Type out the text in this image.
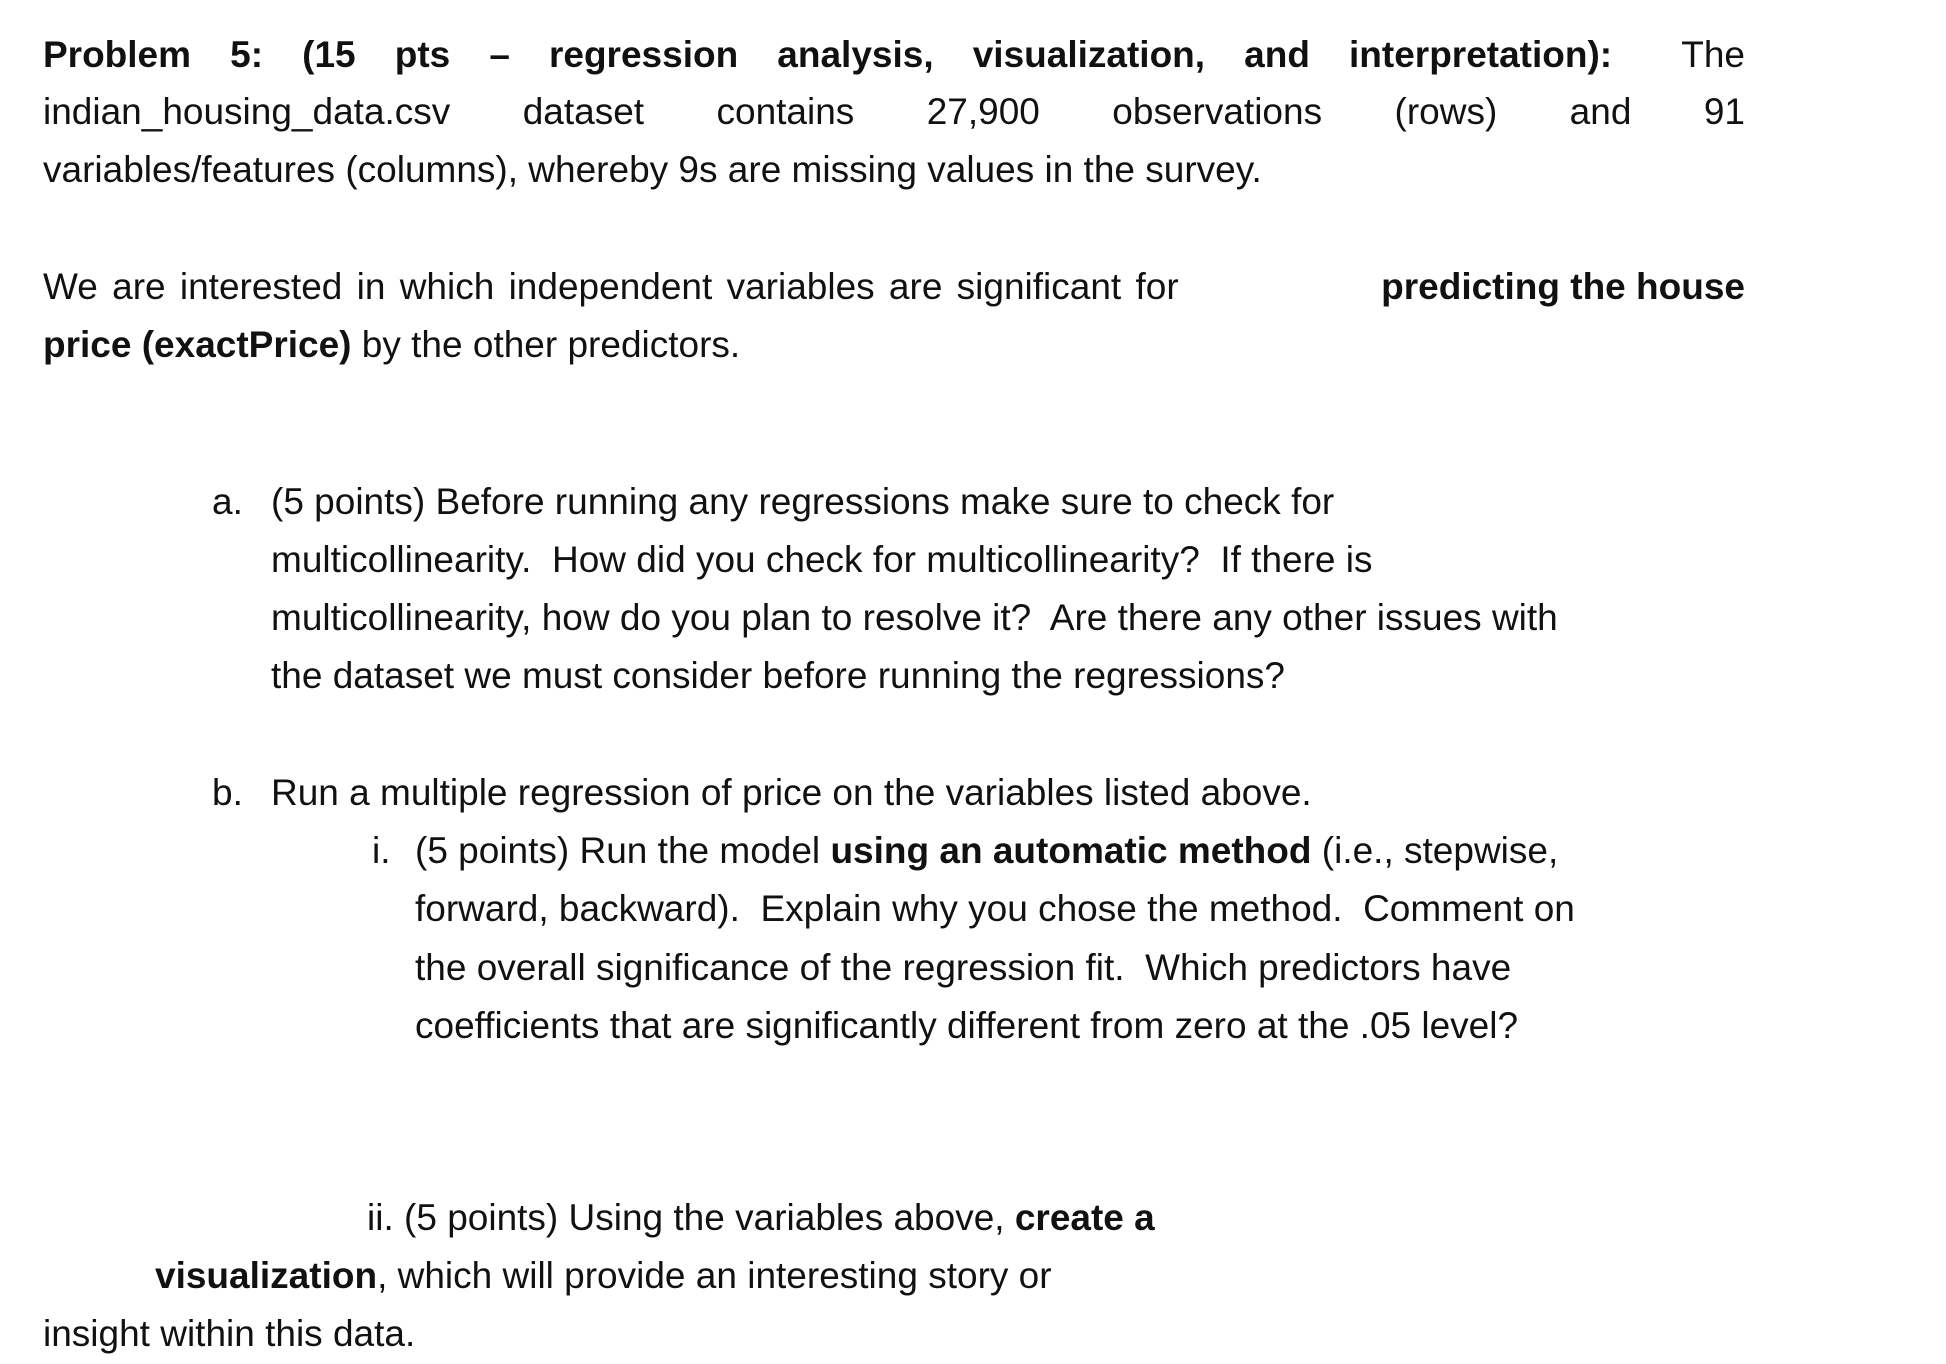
Problem 5: (15 pts – regression analysis, visualization, and interpretation): The
indian_housing_data.csv dataset contains 27,900 observations (rows) and 91
variables/features (columns), whereby 9s are missing values in the survey.
We are interested in which independent variables are significant for	predicting the house
price (exactPrice) by the other predictors.
a. (5 points) Before running any regressions make sure to check for
multicollinearity.  How did you check for multicollinearity?  If there is
multicollinearity, how do you plan to resolve it?  Are there any other issues with
the dataset we must consider before running the regressions?
b. Run a multiple regression of price on the variables listed above.
i. (5 points) Run the model using an automatic method (i.e., stepwise,
forward, backward).  Explain why you chose the method.  Comment on
the overall significance of the regression fit.  Which predictors have
coefficients that are significantly different from zero at the .05 level?
ii. (5 points) Using the variables above, create a
visualization, which will provide an interesting story or
insight within this data.
